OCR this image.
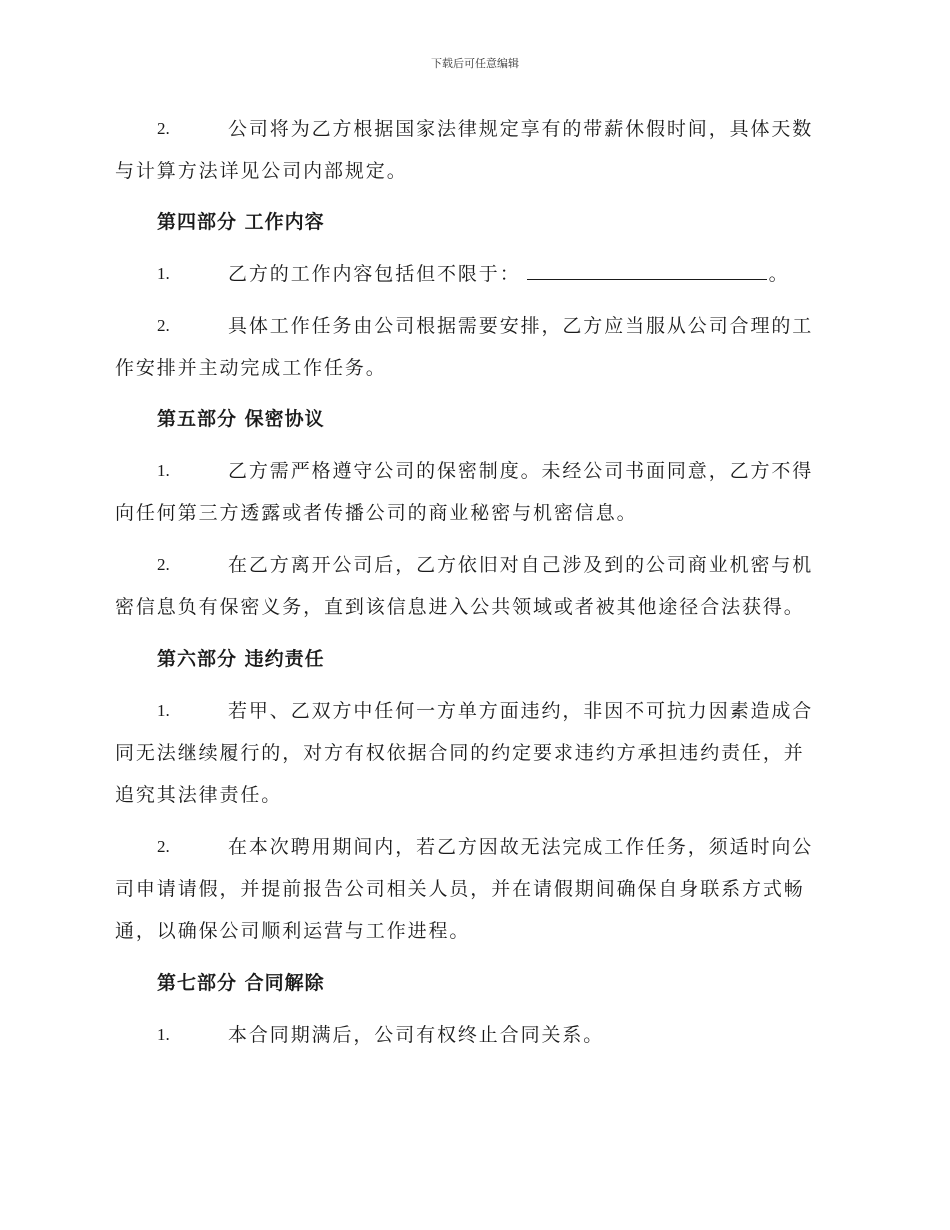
下载后可任意编辑
2.	公司将为乙方根据国家法律规定享有的带薪休假时间，具体天数
与计算方法详见公司内部规定。
第四部分 工作内容
1.	乙方的工作内容包括但不限于：	。
2.	具体工作任务由公司根据需要安排，乙方应当服从公司合理的工
作安排并主动完成工作任务。
第五部分 保密协议
1.	乙方需严格遵守公司的保密制度。未经公司书面同意，乙方不得
向任何第三方透露或者传播公司的商业秘密与机密信息。
2.	在乙方离开公司后，乙方依旧对自己涉及到的公司商业机密与机
密信息负有保密义务，直到该信息进入公共领域或者被其他途径合法获得。
第六部分 违约责任
1.	若甲、乙双方中任何一方单方面违约，非因不可抗力因素造成合
同无法继续履行的，对方有权依据合同的约定要求违约方承担违约责任，并
追究其法律责任。
2.	在本次聘用期间内，若乙方因故无法完成工作任务，须适时向公
司申请请假，并提前报告公司相关人员，并在请假期间确保自身联系方式畅
通，以确保公司顺利运营与工作进程。
第七部分 合同解除
1.	本合同期满后，公司有权终止合同关系。
